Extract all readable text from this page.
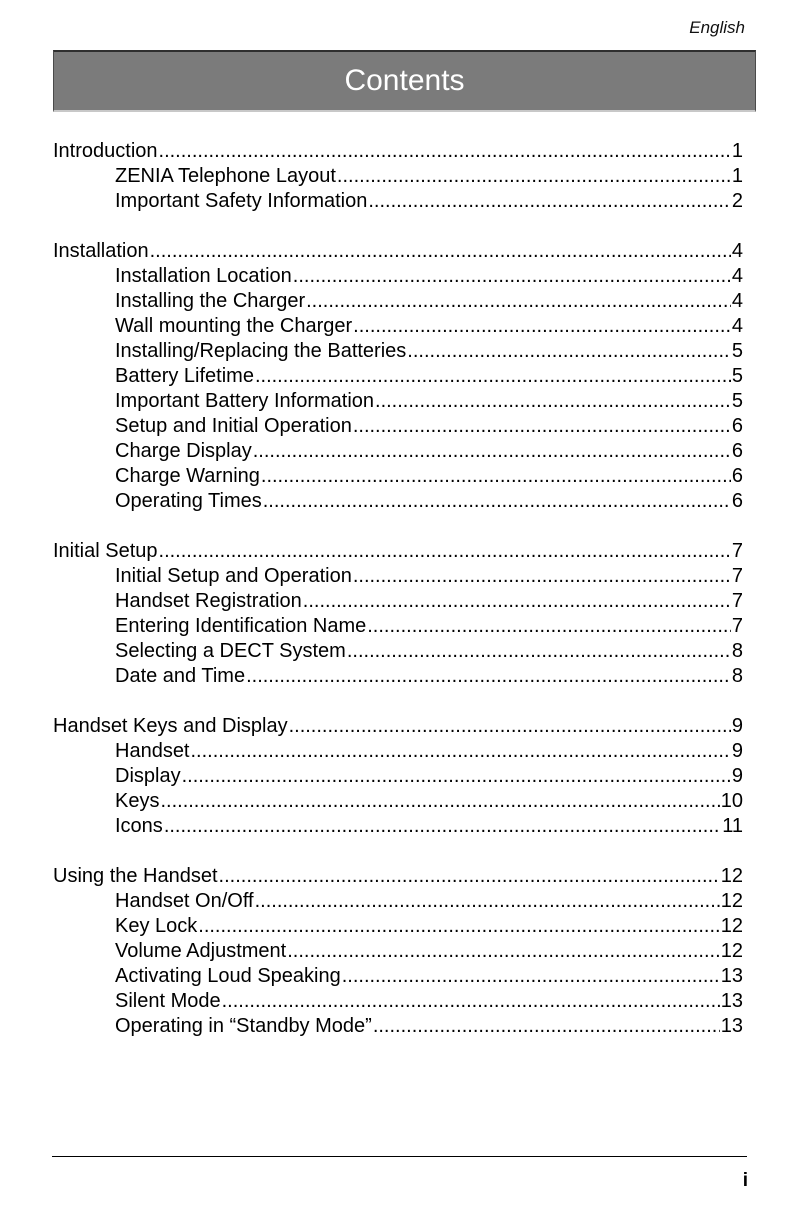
English
Contents
Introduction .....	1
ZENIA Telephone Layout .....	1
Important Safety Information .....	2
Installation .....	4
Installation Location .....	4
Installing the Charger .....	4
Wall mounting the Charger .....	4
Installing/Replacing the Batteries .....	5
Battery Lifetime .....	5
Important Battery Information .....	5
Setup and Initial Operation .....	6
Charge Display .....	6
Charge Warning .....	6
Operating Times .....	6
Initial Setup .....	7
Initial Setup and Operation .....	7
Handset Registration .....	7
Entering Identification Name .....	7
Selecting a DECT System .....	8
Date and Time .....	8
Handset Keys and Display .....	9
Handset .....	9
Display .....	9
Keys .....	10
Icons .....	11
Using the Handset .....	12
Handset On/Off .....	12
Key Lock .....	12
Volume Adjustment .....	12
Activating Loud Speaking .....	13
Silent Mode .....	13
Operating in “Standby Mode” .....	13
i
